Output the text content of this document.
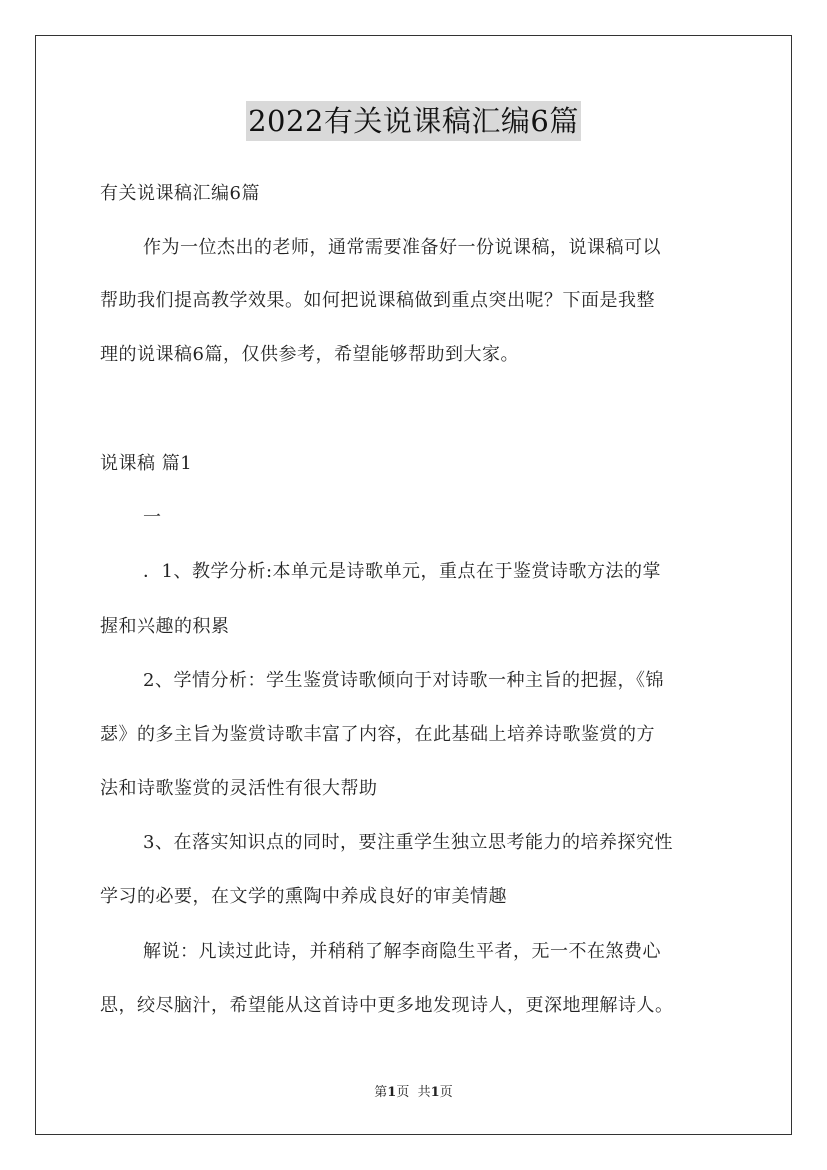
2022有关说课稿汇编6篇
有关说课稿汇编6篇
作为一位杰出的老师，通常需要准备好一份说课稿，说课稿可以
帮助我们提高教学效果。如何把说课稿做到重点突出呢？下面是我整
理的说课稿6篇，仅供参考，希望能够帮助到大家。
说课稿 篇1
一
．1、教学分析:本单元是诗歌单元，重点在于鉴赏诗歌方法的掌
握和兴趣的积累
2、学情分析：学生鉴赏诗歌倾向于对诗歌一种主旨的把握，《锦
瑟》的多主旨为鉴赏诗歌丰富了内容，在此基础上培养诗歌鉴赏的方
法和诗歌鉴赏的灵活性有很大帮助
3、在落实知识点的同时，要注重学生独立思考能力的培养探究性
学习的必要，在文学的熏陶中养成良好的审美情趣
解说：凡读过此诗，并稍稍了解李商隐生平者，无一不在煞费心
思，绞尽脑汁，希望能从这首诗中更多地发现诗人，更深地理解诗人。
第1页 共1页
